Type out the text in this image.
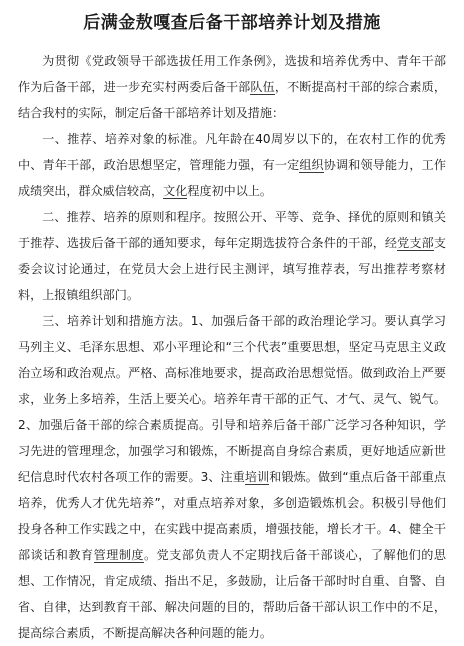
后满金敖嘎查后备干部培养计划及措施

为贯彻《党政领导干部选拔任用工作条例》，选拔和培养优秀中、青年干部作为后备干部，进一步充实村两委后备干部队伍，不断提高村干部的综合素质，结合我村的实际，制定后备干部培养计划及措施：

一、推荐、培养对象的标准。凡年龄在40周岁以下的，在农村工作的优秀中、青年干部，政治思想坚定，管理能力强，有一定组织协调和领导能力，工作成绩突出，群众威信较高，文化程度初中以上。

二、推荐、培养的原则和程序。按照公开、平等、竞争、择优的原则和镇关于推荐、选拔后备干部的通知要求，每年定期选拔符合条件的干部，经党支部支委会议讨论通过，在党员大会上进行民主测评，填写推荐表，写出推荐考察材料，上报镇组织部门。

三、培养计划和措施方法。1、加强后备干部的政治理论学习。要认真学习马列主义、毛泽东思想、邓小平理论和“三个代表”重要思想，坚定马克思主义政治立场和政治观点。严格、高标准地要求，提高政治思想觉悟。做到政治上严要求，业务上多培养，生活上要关心。培养年青干部的正气、才气、灵气、锐气。2、加强后备干部的综合素质提高。引导和培养后备干部广泛学习各种知识，学习先进的管理理念，加强学习和锻炼，不断提高自身综合素质，更好地适应新世纪信息时代农村各项工作的需要。3、注重培训和锻炼。做到“重点后备干部重点培养，优秀人才优先培养”，对重点培养对象，多创造锻炼机会。积极引导他们投身各种工作实践之中，在实践中提高素质，增强技能，增长才干。4、健全干部谈话和教育管理制度。党支部负责人不定期找后备干部谈心，了解他们的思想、工作情况，肯定成绩、指出不足，多鼓励，让后备干部时时自重、自警、自省、自律，达到教育干部、解决问题的目的，帮助后备干部认识工作中的不足，提高综合素质，不断提高解决各种问题的能力。
